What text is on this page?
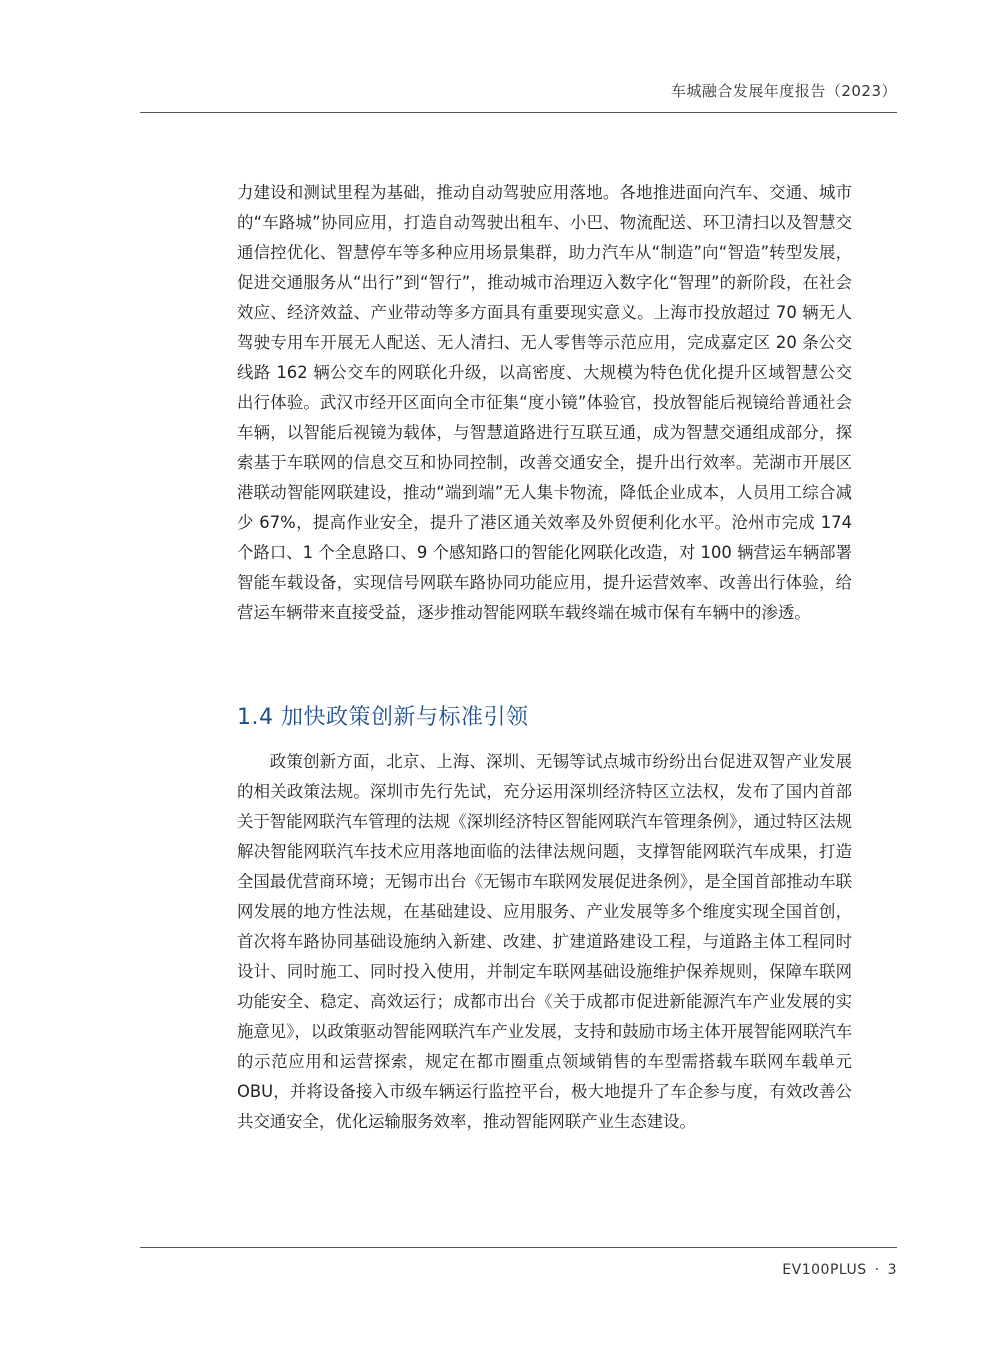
车城融合发展年度报告（2023）

力建设和测试里程为基础，推动自动驾驶应用落地。各地推进面向汽车、交通、城市的“车路城”协同应用，打造自动驾驶出租车、小巴、物流配送、环卫清扫以及智慧交通信控优化、智慧停车等多种应用场景集群，助力汽车从“制造”向“智造”转型发展，促进交通服务从“出行”到“智行”，推动城市治理迈入数字化“智理”的新阶段，在社会效应、经济效益、产业带动等多方面具有重要现实意义。上海市投放超过 70 辆无人驾驶专用车开展无人配送、无人清扫、无人零售等示范应用，完成嘉定区 20 条公交线路 162 辆公交车的网联化升级，以高密度、大规模为特色优化提升区域智慧公交出行体验。武汉市经开区面向全市征集“度小镜”体验官，投放智能后视镜给普通社会车辆，以智能后视镜为载体，与智慧道路进行互联互通，成为智慧交通组成部分，探索基于车联网的信息交互和协同控制，改善交通安全，提升出行效率。芜湖市开展区港联动智能网联建设，推动“端到端”无人集卡物流，降低企业成本，人员用工综合减少 67%，提高作业安全，提升了港区通关效率及外贸便利化水平。沧州市完成 174 个路口、1 个全息路口、9 个感知路口的智能化网联化改造，对 100 辆营运车辆部署智能车载设备，实现信号网联车路协同功能应用，提升运营效率、改善出行体验，给营运车辆带来直接受益，逐步推动智能网联车载终端在城市保有车辆中的渗透。

1.4 加快政策创新与标准引领

政策创新方面，北京、上海、深圳、无锡等试点城市纷纷出台促进双智产业发展的相关政策法规。深圳市先行先试，充分运用深圳经济特区立法权，发布了国内首部关于智能网联汽车管理的法规《深圳经济特区智能网联汽车管理条例》，通过特区法规解决智能网联汽车技术应用落地面临的法律法规问题，支撑智能网联汽车成果，打造全国最优营商环境；无锡市出台《无锡市车联网发展促进条例》，是全国首部推动车联网发展的地方性法规，在基础建设、应用服务、产业发展等多个维度实现全国首创，首次将车路协同基础设施纳入新建、改建、扩建道路建设工程，与道路主体工程同时设计、同时施工、同时投入使用，并制定车联网基础设施维护保养规则，保障车联网功能安全、稳定、高效运行；成都市出台《关于成都市促进新能源汽车产业发展的实施意见》，以政策驱动智能网联汽车产业发展，支持和鼓励市场主体开展智能网联汽车的示范应用和运营探索，规定在都市圈重点领域销售的车型需搭载车联网车载单元 OBU，并将设备接入市级车辆运行监控平台，极大地提升了车企参与度，有效改善公共交通安全，优化运输服务效率，推动智能网联产业生态建设。

EV100PLUS · 3
